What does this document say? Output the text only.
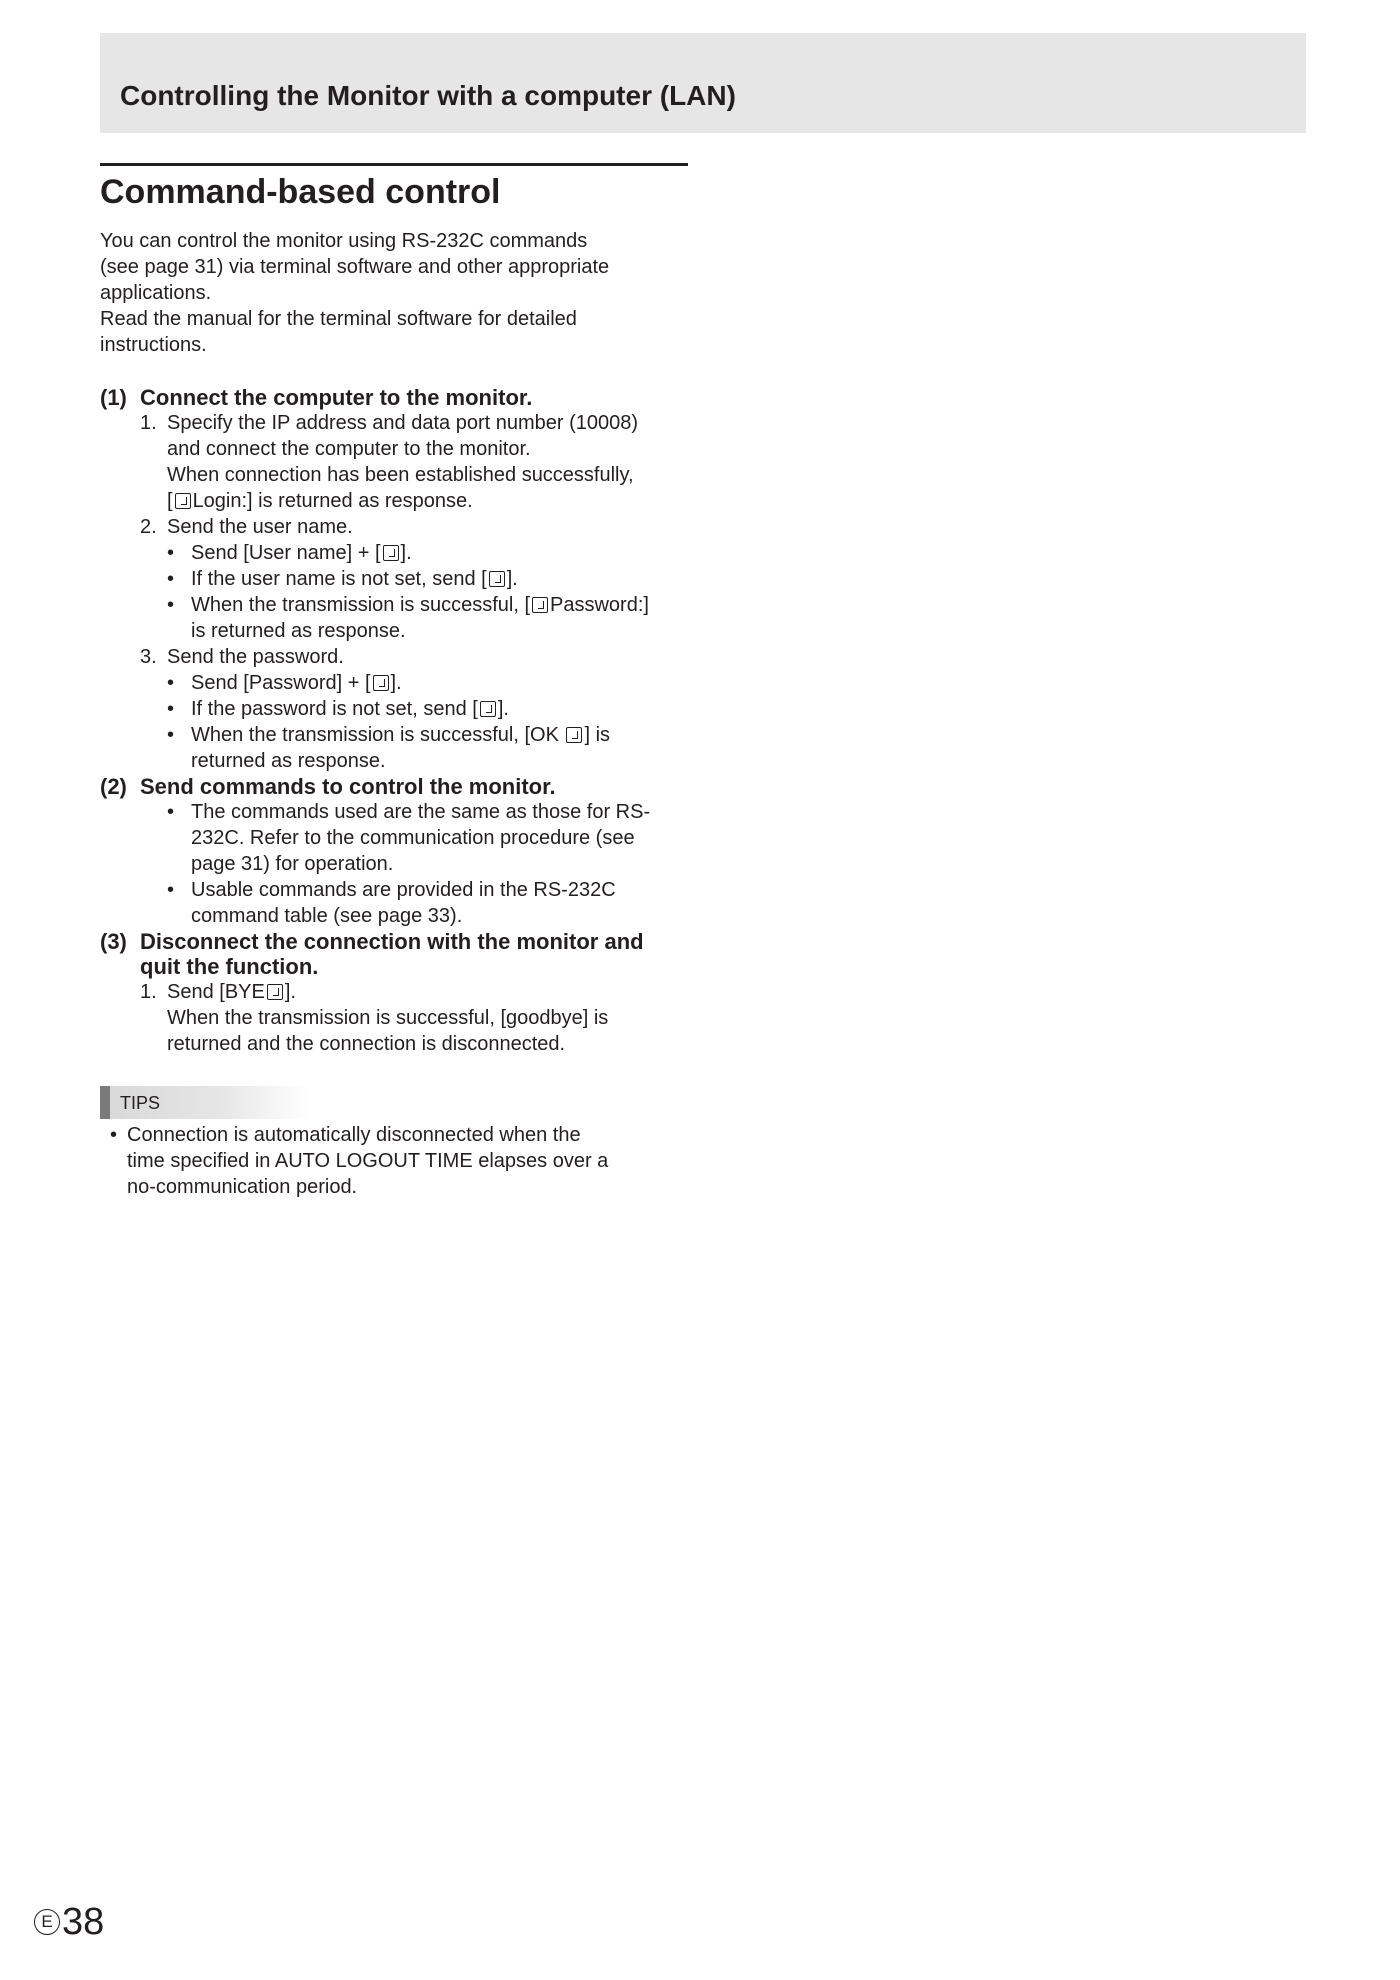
Controlling the Monitor with a computer (LAN)
Command-based control
You can control the monitor using RS-232C commands
(see page 31) via terminal software and other appropriate
applications.
Read the manual for the terminal software for detailed
instructions.
(1) Connect the computer to the monitor.
1. Specify the IP address and data port number (10008)
and connect the computer to the monitor.
When connection has been established successfully,
[ Login:] is returned as response.
2. Send the user name.
• Send [User name] + [ ].
• If the user name is not set, send [ ].
• When the transmission is successful, [ Password:]
is returned as response.
3. Send the password.
• Send [Password] + [ ].
• If the password is not set, send [ ].
• When the transmission is successful, [OK ] is
returned as response.
(2) Send commands to control the monitor.
• The commands used are the same as those for RS-
232C. Refer to the communication procedure (see
page 31) for operation.
• Usable commands are provided in the RS-232C
command table (see page 33).
(3) Disconnect the connection with the monitor and
quit the function.
1. Send [BYE ].
When the transmission is successful, [goodbye] is
returned and the connection is disconnected.
TIPS
• Connection is automatically disconnected when the
time specified in AUTO LOGOUT TIME elapses over a
no-communication period.
E 38
